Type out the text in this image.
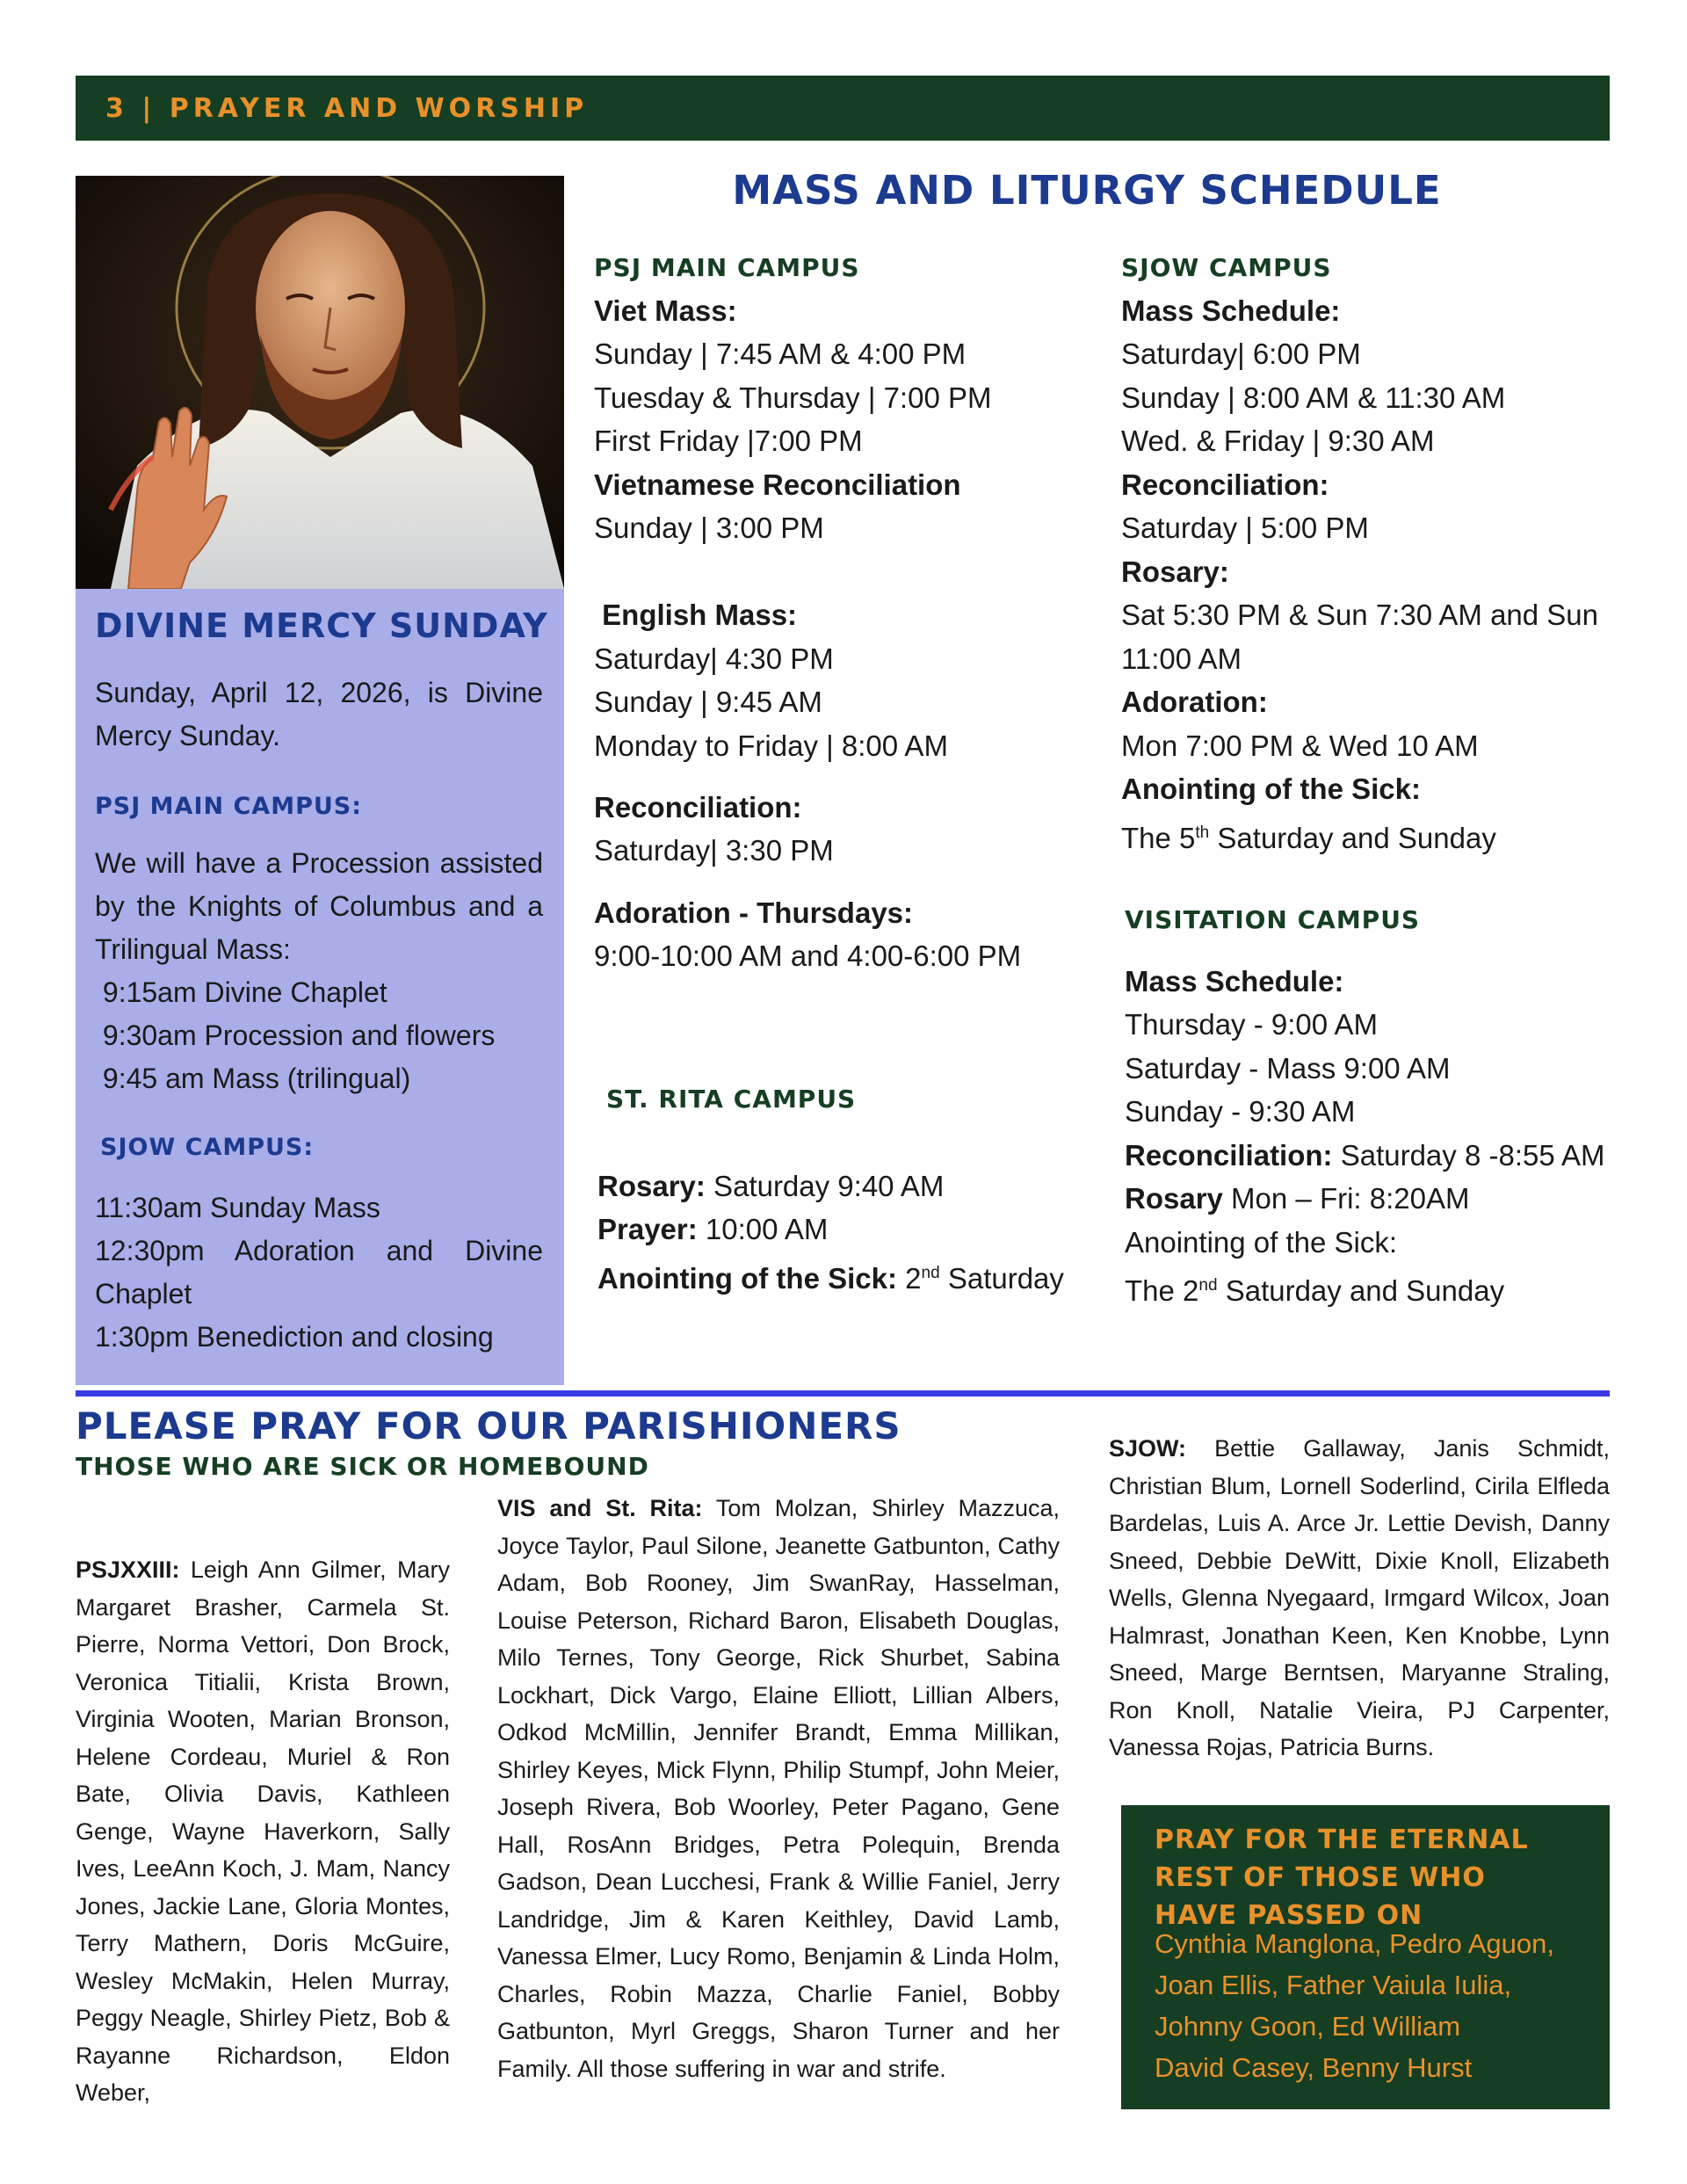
3 | PRAYER AND WORSHIP
DIVINE MERCY SUNDAY
Sunday, April 12, 2026, is Divine Mercy Sunday.
PSJ MAIN CAMPUS:
We will have a Procession assisted by the Knights of Columbus and a Trilingual Mass:
9:15am Divine Chaplet
9:30am Procession and flowers
9:45 am Mass (trilingual)
SJOW CAMPUS:
11:30am Sunday Mass
12:30pm Adoration and Divine Chaplet
1:30pm Benediction and closing
MASS AND LITURGY SCHEDULE
PSJ MAIN CAMPUS
Viet Mass:
Sunday | 7:45 AM & 4:00 PM
Tuesday & Thursday | 7:00 PM
First Friday |7:00 PM
Vietnamese Reconciliation
Sunday | 3:00 PM
English Mass:
Saturday| 4:30 PM
Sunday | 9:45 AM
Monday to Friday | 8:00 AM
Reconciliation:
Saturday| 3:30 PM
Adoration - Thursdays:
9:00-10:00 AM and 4:00-6:00 PM
ST. RITA CAMPUS
Rosary: Saturday 9:40 AM
Prayer: 10:00 AM
Anointing of the Sick: 2nd Saturday
SJOW CAMPUS
Mass Schedule:
Saturday| 6:00 PM
Sunday | 8:00 AM & 11:30 AM
Wed. & Friday | 9:30 AM
Reconciliation:
Saturday | 5:00 PM
Rosary:
Sat 5:30 PM & Sun 7:30 AM and Sun
11:00 AM
Adoration:
Mon 7:00 PM & Wed 10 AM
Anointing of the Sick:
The 5th Saturday and Sunday
VISITATION CAMPUS
Mass Schedule:
Thursday - 9:00 AM
Saturday - Mass 9:00 AM
Sunday - 9:30 AM
Reconciliation: Saturday 8 -8:55 AM
Rosary Mon – Fri: 8:20AM
Anointing of the Sick:
The 2nd Saturday and Sunday
PLEASE PRAY FOR OUR PARISHIONERS
THOSE WHO ARE SICK OR HOMEBOUND
PSJXXIII: Leigh Ann Gilmer, Mary Margaret Brasher, Carmela St. Pierre, Norma Vettori, Don Brock, Veronica Titialii, Krista Brown, Virginia Wooten, Marian Bronson, Helene Cordeau, Muriel & Ron Bate, Olivia Davis, Kathleen Genge, Wayne Haverkorn, Sally Ives, LeeAnn Koch, J. Mam, Nancy Jones, Jackie Lane, Gloria Montes, Terry Mathern, Doris McGuire, Wesley McMakin, Helen Murray, Peggy Neagle, Shirley Pietz, Bob & Rayanne Richardson, Eldon Weber,
VIS and St. Rita: Tom Molzan, Shirley Mazzuca, Joyce Taylor, Paul Silone, Jeanette Gatbunton, Cathy Adam, Bob Rooney, Jim SwanRay, Hasselman, Louise Peterson, Richard Baron, Elisabeth Douglas, Milo Ternes, Tony George, Rick Shurbet, Sabina Lockhart, Dick Vargo, Elaine Elliott, Lillian Albers, Odkod McMillin, Jennifer Brandt, Emma Millikan, Shirley Keyes, Mick Flynn, Philip Stumpf, John Meier, Joseph Rivera, Bob Woorley, Peter Pagano, Gene Hall, RosAnn Bridges, Petra Polequin, Brenda Gadson, Dean Lucchesi, Frank & Willie Faniel, Jerry Landridge, Jim & Karen Keithley, David Lamb, Vanessa Elmer, Lucy Romo, Benjamin & Linda Holm, Charles, Robin Mazza, Charlie Faniel, Bobby Gatbunton, Myrl Greggs, Sharon Turner and her Family. All those suffering in war and strife.
SJOW: Bettie Gallaway, Janis Schmidt, Christian Blum, Lornell Soderlind, Cirila Elfleda Bardelas, Luis A. Arce Jr. Lettie Devish, Danny Sneed, Debbie DeWitt, Dixie Knoll, Elizabeth Wells, Glenna Nyegaard, Irmgard Wilcox, Joan Halmrast, Jonathan Keen, Ken Knobbe, Lynn Sneed, Marge Berntsen, Maryanne Straling, Ron Knoll, Natalie Vieira, PJ Carpenter, Vanessa Rojas, Patricia Burns.
PRAY FOR THE ETERNAL REST OF THOSE WHO HAVE PASSED ON
Cynthia Manglona, Pedro Aguon,
Joan Ellis, Father Vaiula Iulia,
Johnny Goon, Ed William
David Casey, Benny Hurst
